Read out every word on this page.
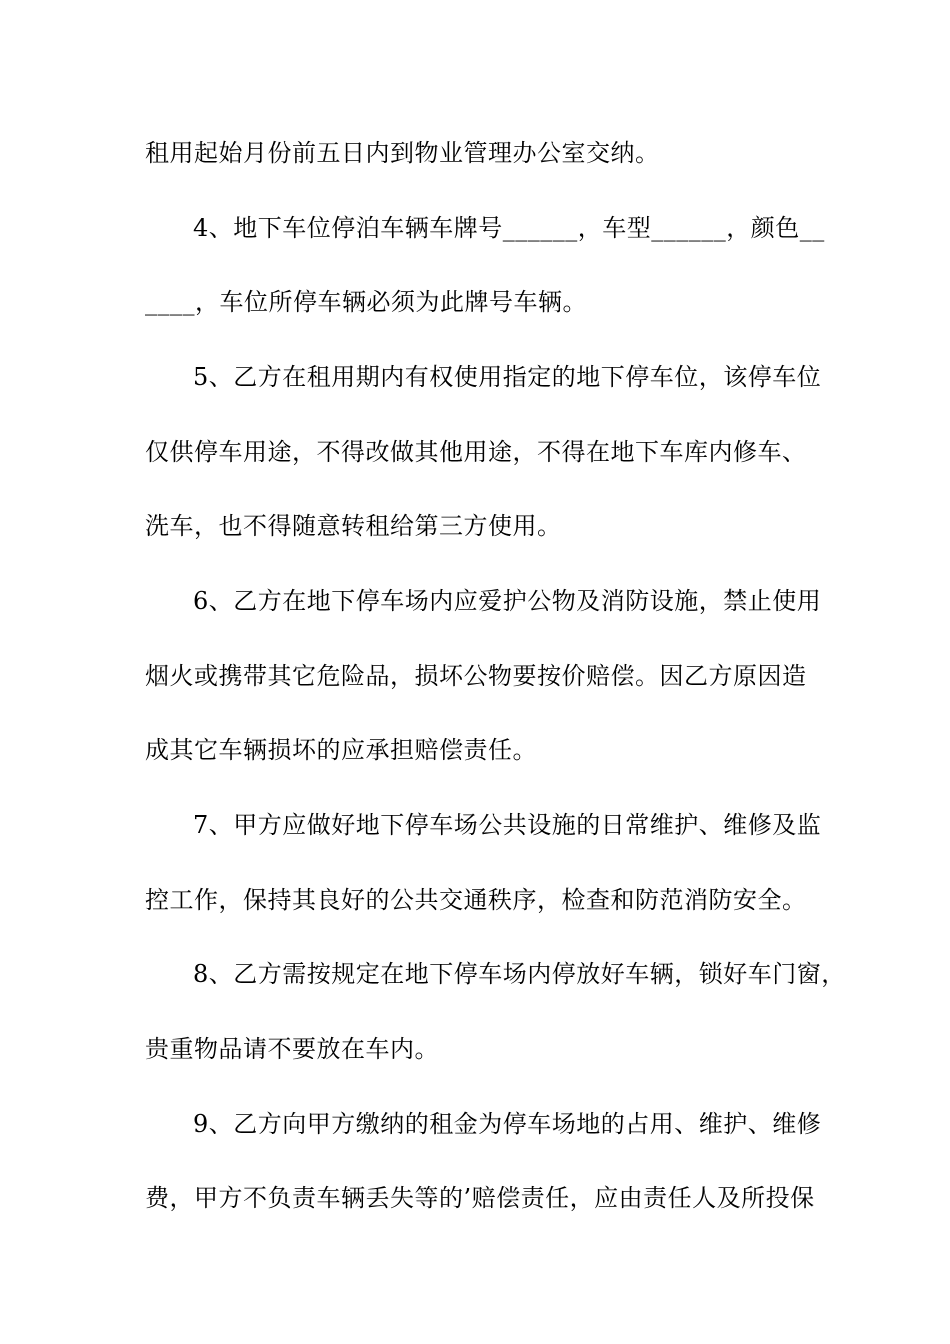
租用起始月份前五日内到物业管理办公室交纳。
4、地下车位停泊车辆车牌号______，车型______，颜色__
____，车位所停车辆必须为此牌号车辆。
5、乙方在租用期内有权使用指定的地下停车位，该停车位
仅供停车用途，不得改做其他用途，不得在地下车库内修车、
洗车，也不得随意转租给第三方使用。
6、乙方在地下停车场内应爱护公物及消防设施，禁止使用
烟火或携带其它危险品，损坏公物要按价赔偿。因乙方原因造
成其它车辆损坏的应承担赔偿责任。
7、甲方应做好地下停车场公共设施的日常维护、维修及监
控工作，保持其良好的公共交通秩序，检查和防范消防安全。
8、乙方需按规定在地下停车场内停放好车辆，锁好车门窗，
贵重物品请不要放在车内。
9、乙方向甲方缴纳的租金为停车场地的占用、维护、维修
费，甲方不负责车辆丢失等的’赔偿责任，应由责任人及所投保
